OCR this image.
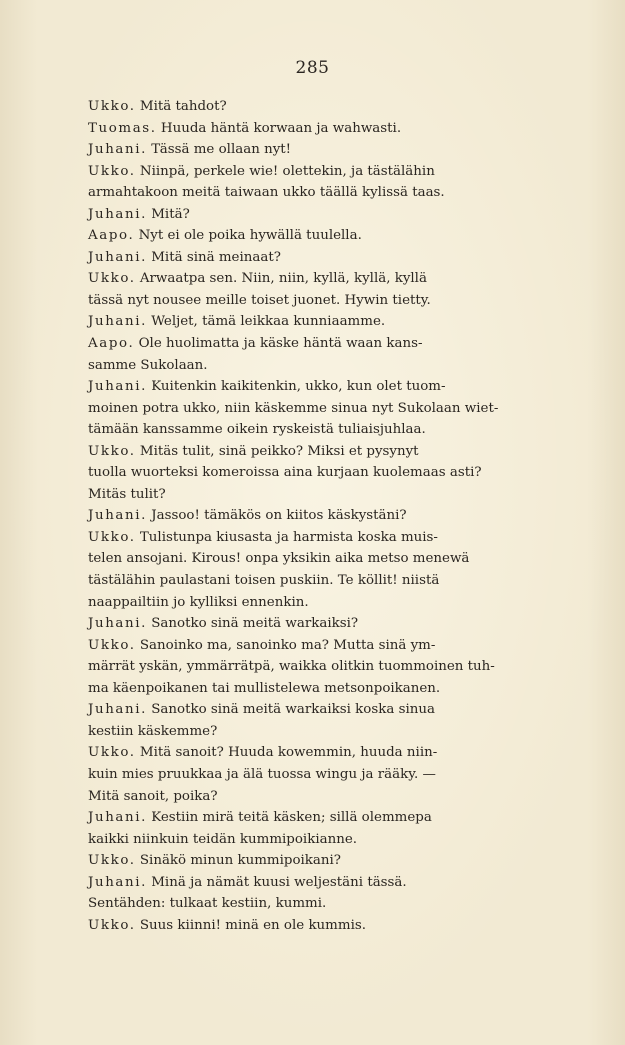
285
Ukko. Mitä tahdot?
Tuomas. Huuda häntä korwaan ja wahwasti.
Juhani. Tässä me ollaan nyt!
Ukko. Niinpä, perkele wie! olettekin, ja tästälähin
armahtakoon meitä taiwaan ukko täällä kylissä taas.
Juhani. Mitä?
Aapo. Nyt ei ole poika hywällä tuulella.
Juhani. Mitä sinä meinaat?
Ukko. Arwaatpa sen. Niin, niin, kyllä, kyllä, kyllä
tässä nyt nousee meille toiset juonet. Hywin tietty.
Juhani. Weljet, tämä leikkaa kunniaamme.
Aapo. Ole huolimatta ja käske häntä waan kans-
samme Sukolaan.
Juhani. Kuitenkin kaikitenkin, ukko, kun olet tuom-
moinen potra ukko, niin käskemme sinua nyt Sukolaan wiet-
tämään kanssamme oikein ryskeistä tuliaisjuhlaa.
Ukko. Mitäs tulit, sinä peikko? Miksi et pysynyt
tuolla wuorteksi komeroissa aina kurjaan kuolemaas asti?
Mitäs tulit?
Juhani. Jassoo! tämäkös on kiitos käskystäni?
Ukko. Tulistunpa kiusasta ja harmista koska muis-
telen ansojani. Kirous! onpa yksikin aika metso menewä
tästälähin paulastani toisen puskiin. Te köllit! niistä
naappailtiin jo kylliksi ennenkin.
Juhani. Sanotko sinä meitä warkaiksi?
Ukko. Sanoinko ma, sanoinko ma? Mutta sinä ym-
märrät yskän, ymmärrätpä, waikka olitkin tuommoinen tuh-
ma käenpoikanen tai mullistelewa metsonpoikanen.
Juhani. Sanotko sinä meitä warkaiksi koska sinua
kestiin käskemme?
Ukko. Mitä sanoit? Huuda kowemmin, huuda niin-
kuin mies pruukkaa ja älä tuossa wingu ja rääky. —
Mitä sanoit, poika?
Juhani. Kestiin mirä teitä käsken; sillä olemmepa
kaikki niinkuin teidän kummipoikianne.
Ukko. Sinäkö minun kummipoikani?
Juhani. Minä ja nämät kuusi weljestäni tässä.
Sentähden: tulkaat kestiin, kummi.
Ukko. Suus kiinni! minä en ole kummis.
